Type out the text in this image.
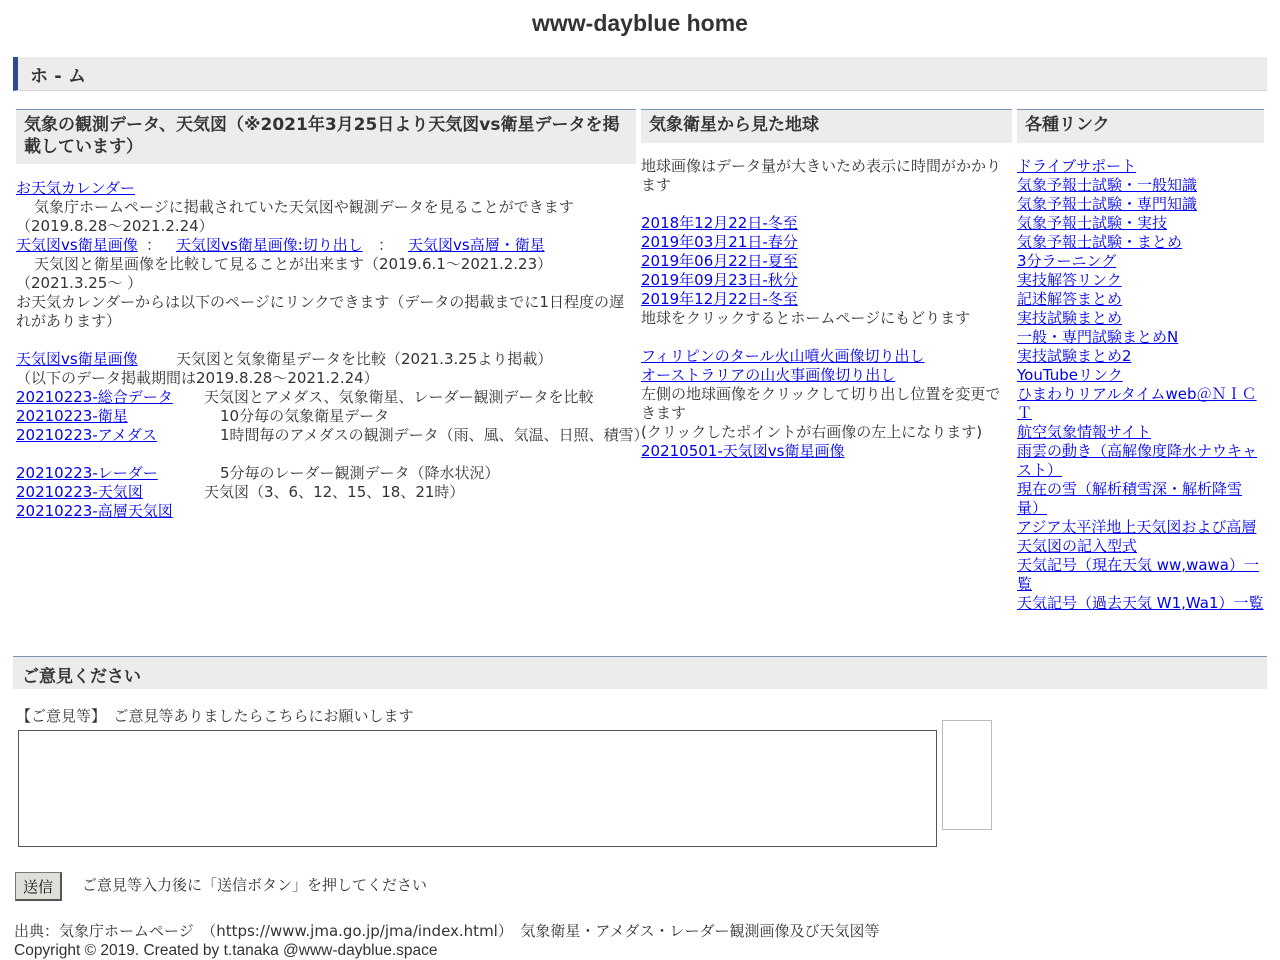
www-dayblue home
ホ - ム
気象の観測データ、天気図（※2021年3月25日より天気図vs衛星データを掲載しています）
お天気カレンダー
気象庁ホームページに掲載されていた天気図や観測データを見ることができます
（2019.8.28～2021.2.24）
天気図vs衛星画像 ： 天気図vs衛星画像:切り出し ： 天気図vs高層・衛星
天気図と衛星画像を比較して見ることが出来ます（2019.6.1～2021.2.23）
（2021.3.25～ ）
お天気カレンダーからは以下のページにリンクできます（データの掲載までに1日程度の遅れがあります）
天気図vs衛星画像	天気図と気象衛星データを比較（2021.3.25より掲載）
（以下のデータ掲載期間は2019.8.28～2021.2.24）
20210223-総合データ 天気図とアメダス、気象衛星、レーダー観測データを比較
20210223-衛星	10分毎の気象衛星データ
20210223-アメダス	1時間毎のアメダスの観測データ（雨、風、気温、日照、積雪）
20210223-レーダー	5分毎のレーダー観測データ（降水状況）
20210223-天気図	天気図（3、6、12、15、18、21時）
20210223-高層天気図
気象衛星から見た地球
地球画像はデータ量が大きいため表示に時間がかかります
2018年12月22日-冬至
2019年03月21日-春分
2019年06月22日-夏至
2019年09月23日-秋分
2019年12月22日-冬至
地球をクリックするとホームページにもどります
フィリピンのタール火山噴火画像切り出し
オーストラリアの山火事画像切り出し
左側の地球画像をクリックして切り出し位置を変更できます
(クリックしたポイントが右画像の左上になります)
20210501-天気図vs衛星画像
各種リンク
ドライブサポート
気象予報士試験・一般知識
気象予報士試験・専門知識
気象予報士試験・実技
気象予報士試験・まとめ
3分ラーニング
実技解答リンク
記述解答まとめ
実技試験まとめ
一般・専門試験まとめN
実技試験まとめ2
YouTubeリンク
ひまわりリアルタイムweb＠ＮＩＣＴ
航空気象情報サイト
雨雲の動き（高解像度降水ナウキャスト）
現在の雪（解析積雪深・解析降雪量）
アジア太平洋地上天気図および高層天気図の記入型式
天気記号（現在天気 ww,wawa）一覧
天気記号（過去天気 W1,Wa1）一覧
ご意見ください
【ご意見等】　ご意見等ありましたらこちらにお願いします
送信	ご意見等入力後に「送信ボタン」を押してください
出典：気象庁ホームページ　（https://www.jma.go.jp/jma/index.html）　気象衛星・アメダス・レーダー観測画像及び天気図等
Copyright © 2019. Created by t.tanaka @www-dayblue.space
